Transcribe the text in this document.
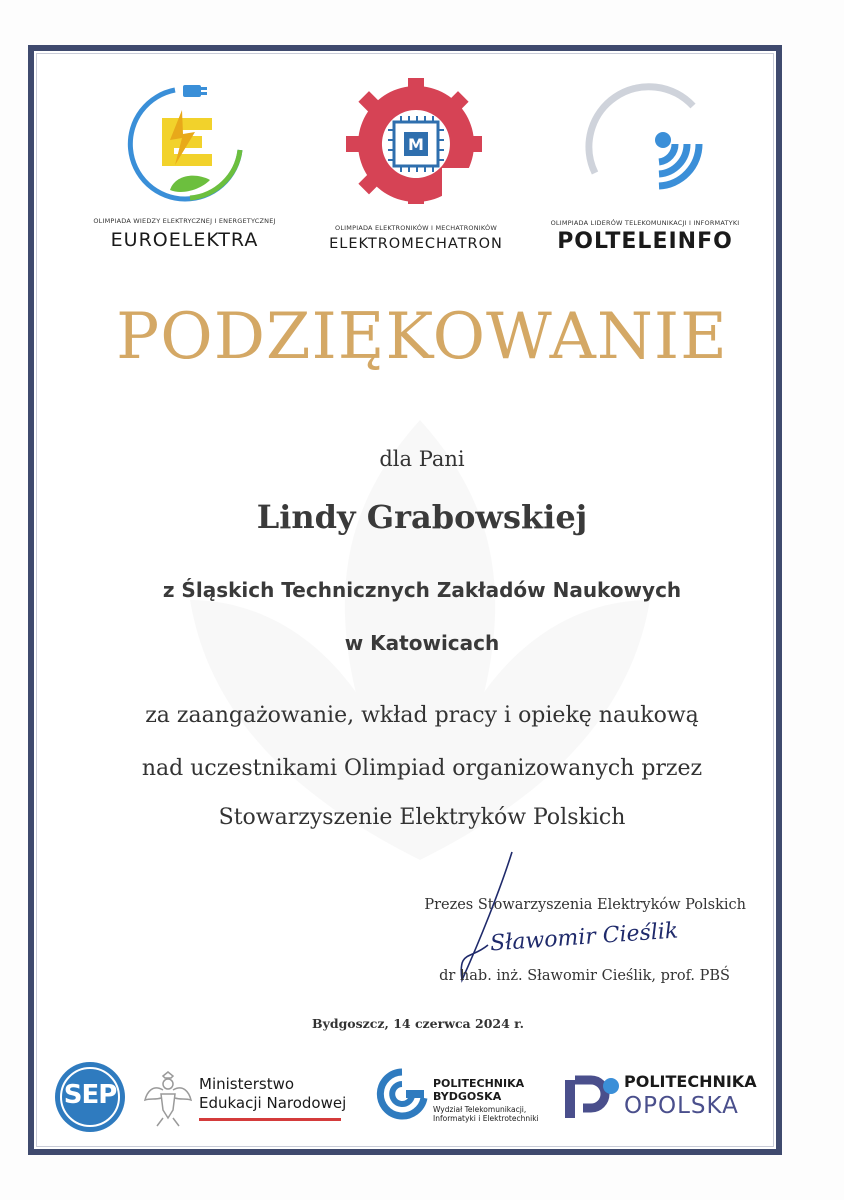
OLIMPIADA WIEDZY ELEKTRYCZNEJ I ENERGETYCZNEJ
EUROELEKTRA
M
OLIMPIADA ELEKTRONIKÓW I MECHATRONIKÓW
ELEKTROMECHATRON
OLIMPIADA LIDERÓW TELEKOMUNIKACJI I INFORMATYKI
POLTELEINFO
PODZIĘKOWANIE
dla Pani
Lindy Grabowskiej
z Śląskich Technicznych Zakładów Naukowych
w Katowicach
za zaangażowanie, wkład pracy i opiekę naukową
nad uczestnikami Olimpiad organizowanych przez
Stowarzyszenie Elektryków Polskich
Prezes Stowarzyszenia Elektryków Polskich
Sławomir Cieślik
dr hab. inż. Sławomir Cieślik, prof. PBŚ
Bydgoszcz, 14 czerwca 2024 r.
SEP	Ministerstwo
Edukacji Narodowej
POLITECHNIKA
BYDGOSKA
Wydział Telekomunikacji,
Informatyki i Elektrotechniki
POLITECHNIKA
OPOLSKA
